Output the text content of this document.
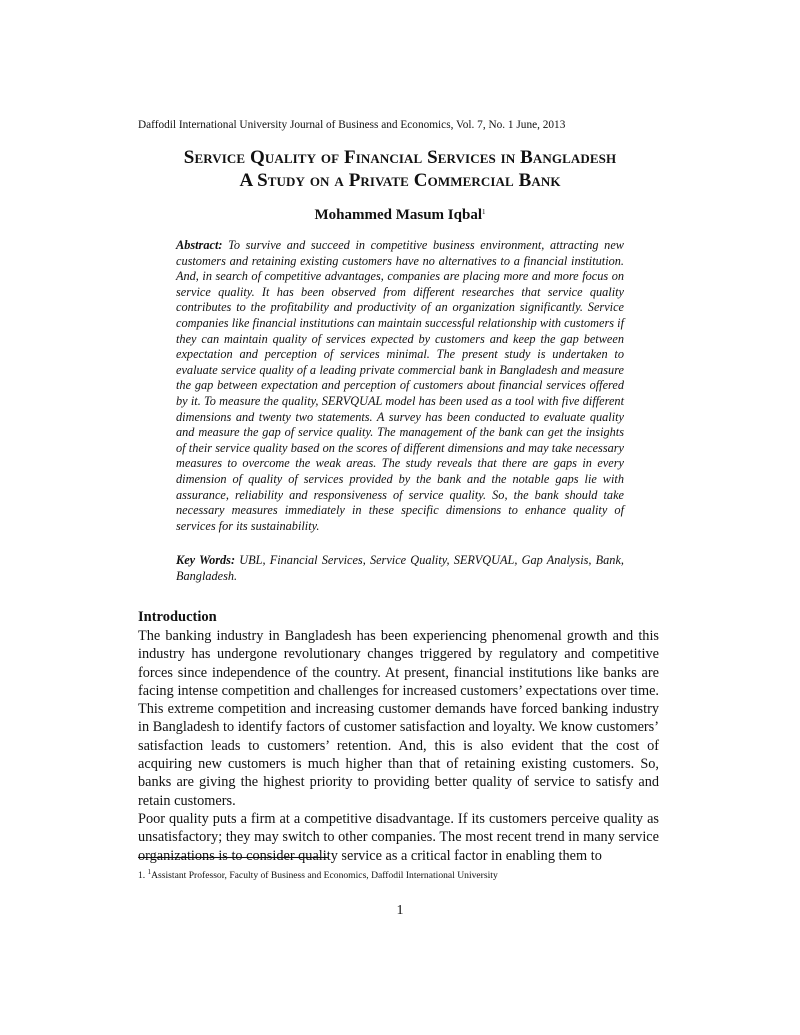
Daffodil International University Journal of Business and Economics, Vol. 7, No. 1 June, 2013
Service Quality of Financial Services in Bangladesh
A Study on a Private Commercial Bank
Mohammed Masum Iqbal$^1$
Abstract: To survive and succeed in competitive business environment, attracting new customers and retaining existing customers have no alternatives to a financial institution. And, in search of competitive advantages, companies are placing more and more focus on service quality. It has been observed from different researches that service quality contributes to the profitability and productivity of an organization significantly. Service companies like financial institutions can maintain successful relationship with customers if they can maintain quality of services expected by customers and keep the gap between expectation and perception of services minimal. The present study is undertaken to evaluate service quality of a leading private commercial bank in Bangladesh and measure the gap between expectation and perception of customers about financial services offered by it. To measure the quality, SERVQUAL model has been used as a tool with five different dimensions and twenty two statements. A survey has been conducted to evaluate quality and measure the gap of service quality. The management of the bank can get the insights of their service quality based on the scores of different dimensions and may take necessary measures to overcome the weak areas. The study reveals that there are gaps in every dimension of quality of services provided by the bank and the notable gaps lie with assurance, reliability and responsiveness of service quality. So, the bank should take necessary measures immediately in these specific dimensions to enhance quality of services for its sustainability.
Key Words: UBL, Financial Services, Service Quality, SERVQUAL, Gap Analysis, Bank, Bangladesh.
Introduction

The banking industry in Bangladesh has been experiencing phenomenal growth and this industry has undergone revolutionary changes triggered by regulatory and competitive forces since independence of the country. At present, financial institutions like banks are facing intense competition and challenges for increased customers’ expectations over time. This extreme competition and increasing customer demands have forced banking industry in Bangladesh to identify factors of customer satisfaction and loyalty. We know customers’ satisfaction leads to customers’ retention. And, this is also evident that the cost of acquiring new customers is much higher than that of retaining existing customers. So, banks are giving the highest priority to providing better quality of service to satisfy and retain customers.

Poor quality puts a firm at a competitive disadvantage. If its customers perceive quality as unsatisfactory; they may switch to other companies. The most recent trend in many service organizations is to consider quality service as a critical factor in enabling them to

1. $^1$Assistant Professor, Faculty of Business and Economics, Daffodil International University
1
